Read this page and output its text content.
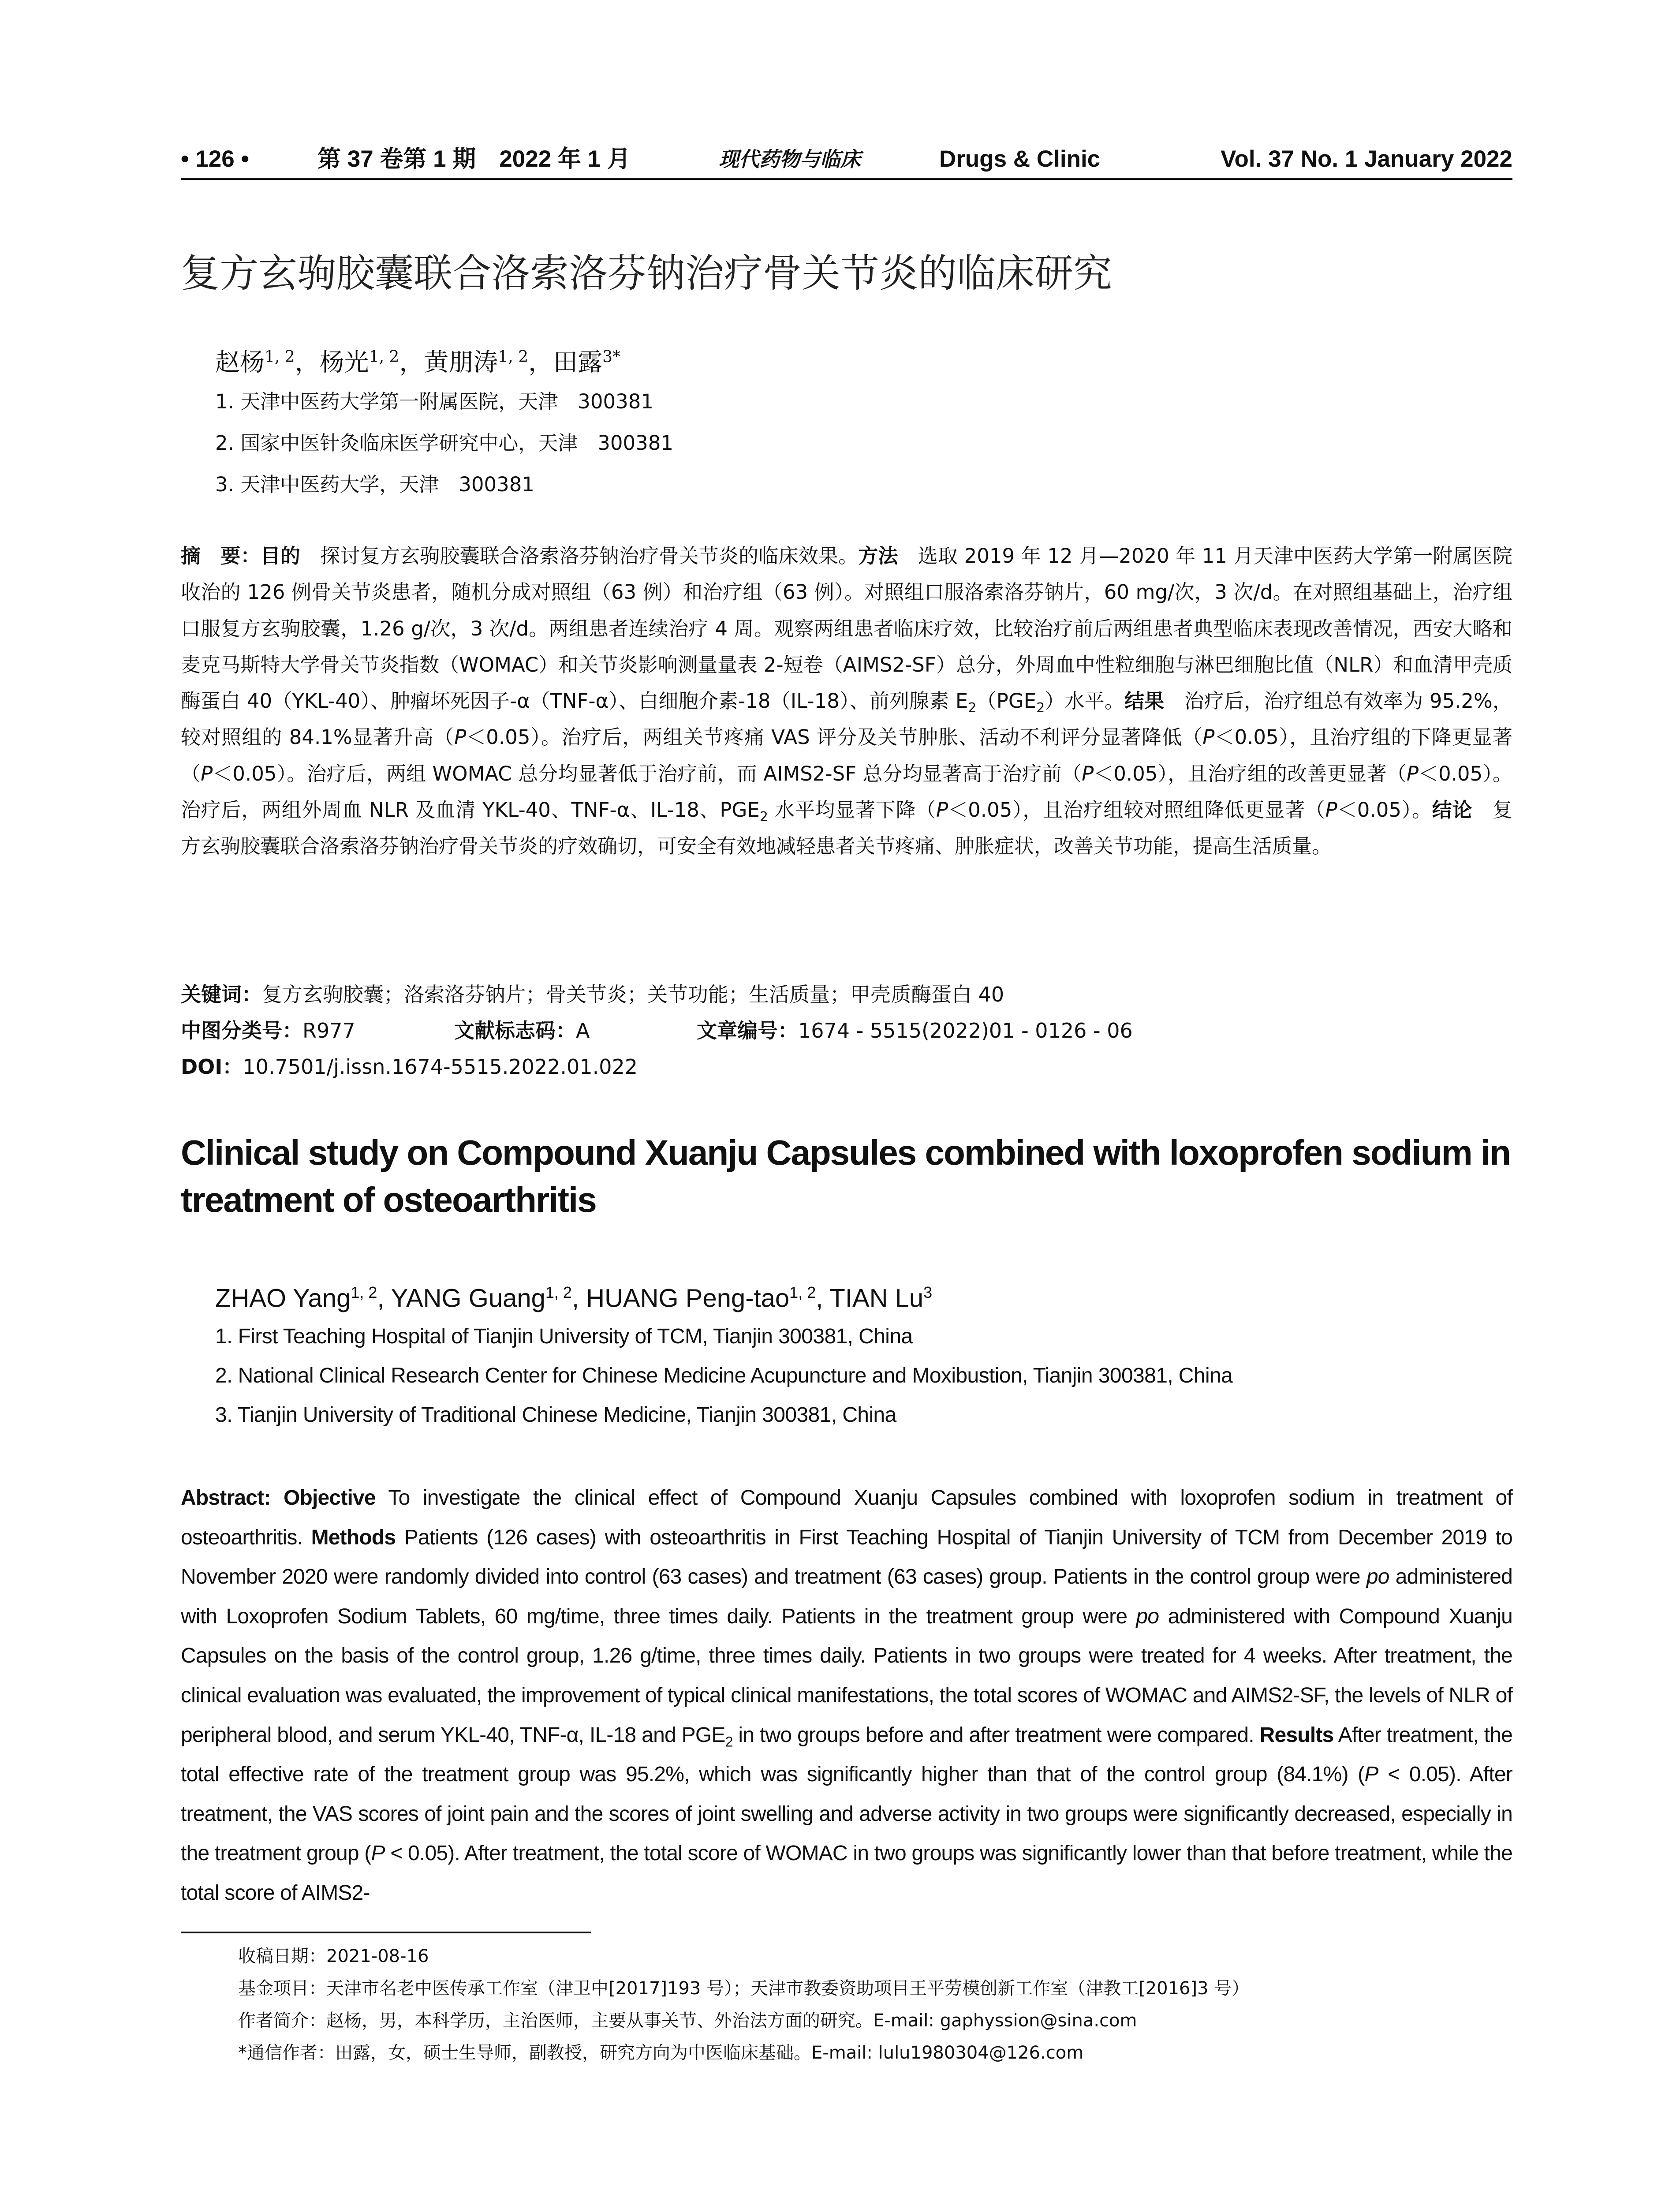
• 126 •	第 37 卷第 1 期　2022 年 1 月	现代药物与临床	Drugs & Clinic	Vol. 37 No. 1 January 2022
复方玄驹胶囊联合洛索洛芬钠治疗骨关节炎的临床研究
赵杨$^{1, 2}$，杨光$^{1, 2}$，黄朋涛$^{1, 2}$，田露$^{3*}$
1. 天津中医药大学第一附属医院，天津　300381
2. 国家中医针灸临床医学研究中心，天津　300381
3. 天津中医药大学，天津　300381
摘　要：目的　探讨复方玄驹胶囊联合洛索洛芬钠治疗骨关节炎的临床效果。方法　选取 2019 年 12 月—2020 年 11 月天津中医药大学第一附属医院收治的 126 例骨关节炎患者，随机分成对照组（63 例）和治疗组（63 例）。对照组口服洛索洛芬钠片，60 mg/次，3 次/d。在对照组基础上，治疗组口服复方玄驹胶囊，1.26 g/次，3 次/d。两组患者连续治疗 4 周。观察两组患者临床疗效，比较治疗前后两组患者典型临床表现改善情况，西安大略和麦克马斯特大学骨关节炎指数（WOMAC）和关节炎影响测量量表 2-短卷（AIMS2-SF）总分，外周血中性粒细胞与淋巴细胞比值（NLR）和血清甲壳质酶蛋白 40（YKL-40）、肿瘤坏死因子-α（TNF-α）、白细胞介素-18（IL-18）、前列腺素 $E_2(PGE_2)$水平。结果　治疗后，治疗组总有效率为 95.2%，较对照组的 84.1%显著升高（P＜0.05）。治疗后，两组关节疼痛 VAS 评分及关节肿胀、活动不利评分显著降低（P＜0.05），且治疗组的下降更显著（P＜0.05）。治疗后，两组 WOMAC 总分均显著低于治疗前，而 AIMS2-SF 总分均显著高于治疗前（P＜0.05），且治疗组的改善更显著（P＜0.05）。治疗后，两组外周血 NLR 及血清 YKL-40、TNF-α、IL-18、$PGE_2$ 水平均显著下降（P＜0.05），且治疗组较对照组降低更显著（P＜0.05）。结论　复方玄驹胶囊联合洛索洛芬钠治疗骨关节炎的疗效确切，可安全有效地减轻患者关节疼痛、肿胀症状，改善关节功能，提高生活质量。
关键词：复方玄驹胶囊；洛索洛芬钠片；骨关节炎；关节功能；生活质量；甲壳质酶蛋白 40
中图分类号：R977	文献标志码：A	文章编号：1674 - 5515(2022)01 - 0126 - 06
DOI：10.7501/j.issn.1674-5515.2022.01.022
Clinical study on Compound Xuanju Capsules combined with loxoprofen sodium in treatment of osteoarthritis
ZHAO Yang$^{1, 2}$, YANG Guang$^{1, 2}$, HUANG Peng-tao$^{1, 2}$, TIAN Lu$^3$
1. First Teaching Hospital of Tianjin University of TCM, Tianjin 300381, China
2. National Clinical Research Center for Chinese Medicine Acupuncture and Moxibustion, Tianjin 300381, China
3. Tianjin University of Traditional Chinese Medicine, Tianjin 300381, China
Abstract: Objective To investigate the clinical effect of Compound Xuanju Capsules combined with loxoprofen sodium in treatment of osteoarthritis. Methods Patients (126 cases) with osteoarthritis in First Teaching Hospital of Tianjin University of TCM from December 2019 to November 2020 were randomly divided into control (63 cases) and treatment (63 cases) group. Patients in the control group were po administered with Loxoprofen Sodium Tablets, 60 mg/time, three times daily. Patients in the treatment group were po administered with Compound Xuanju Capsules on the basis of the control group, 1.26 g/time, three times daily. Patients in two groups were treated for 4 weeks. After treatment, the clinical evaluation was evaluated, the improvement of typical clinical manifestations, the total scores of WOMAC and AIMS2-SF, the levels of NLR of peripheral blood, and serum YKL-40, TNF-α, IL-18 and $PGE_2$ in two groups before and after treatment were compared. Results After treatment, the total effective rate of the treatment group was 95.2%, which was significantly higher than that of the control group (84.1%) (P < 0.05). After treatment, the VAS scores of joint pain and the scores of joint swelling and adverse activity in two groups were significantly decreased, especially in the treatment group (P < 0.05). After treatment, the total score of WOMAC in two groups was significantly lower than that before treatment, while the total score of AIMS2-
收稿日期：2021-08-16
基金项目：天津市名老中医传承工作室（津卫中[2017]193 号）；天津市教委资助项目王平劳模创新工作室（津教工[2016]3 号）
作者简介：赵杨，男，本科学历，主治医师，主要从事关节、外治法方面的研究。E-mail: gaphyssion@sina.com
*通信作者：田露，女，硕士生导师，副教授，研究方向为中医临床基础。E-mail: lulu1980304@126.com
